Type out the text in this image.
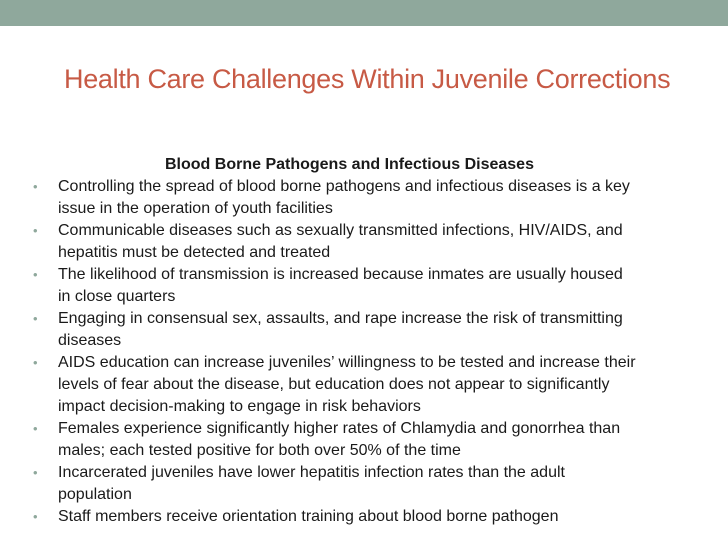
Health Care Challenges Within Juvenile Corrections
Blood Borne Pathogens and Infectious Diseases
• Controlling the spread of blood borne pathogens and infectious diseases is a key
issue in the operation of youth facilities
• Communicable diseases such as sexually transmitted infections, HIV/AIDS, and
hepatitis must be detected and treated
• The likelihood of transmission is increased because inmates are usually housed
in close quarters
• Engaging in consensual sex, assaults, and rape increase the risk of transmitting
diseases
• AIDS education can increase juveniles’ willingness to be tested and increase their
levels of fear about the disease, but education does not appear to significantly
impact decision-making to engage in risk behaviors
• Females experience significantly higher rates of Chlamydia and gonorrhea than
males; each tested positive for both over 50% of the time
• Incarcerated juveniles have lower hepatitis infection rates than the adult
population
• Staff members receive orientation training about blood borne pathogen
